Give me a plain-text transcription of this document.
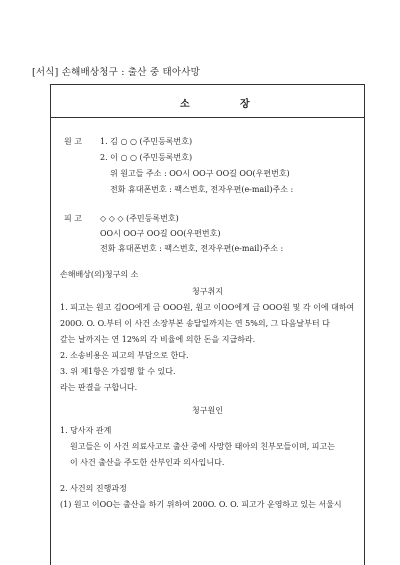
[서식] 손해배상청구 : 출산 중 태아사망
소	장
원 고 1. 김 ○ ○ (주민등록번호)
2. 이 ○ ○ (주민등록번호)
위 원고들 주소 : OO시 OO구 OO길 OO(우편번호)
전화 휴대폰번호 : 팩스번호, 전자우편(e-mail)주소 :
피 고 ◇ ◇ ◇ (주민등록번호)
OO시 OO구 OO길 OO(우편번호)
전화 휴대폰번호 : 팩스번호, 전자우편(e-mail)주소 :
손해배상(의)청구의 소
청구취지
1. 피고는 원고 김OO에게 금 OOO원, 원고 이OO에게 금 OOO원 및 각 이에 대하여
200O. O. O.부터 이 사건 소장부본 송달일까지는 연 5%의, 그 다음날부터 다
갚는 날까지는 연 12%의 각 비율에 의한 돈을 지급하라.
2. 소송비용은 피고의 부담으로 한다.
3. 위 제1항은 가집행 할 수 있다.
라는 판결을 구합니다.
청구원인
1. 당사자 관계
원고들은 이 사건 의료사고로 출산 중에 사망한 태아의 친부모들이며, 피고는
이 사건 출산을 주도한 산부인과 의사입니다.
2. 사건의 진행과정
(1) 원고 이OO는 출산을 하기 위하여 200O. O. O. 피고가 운영하고 있는 서울시
